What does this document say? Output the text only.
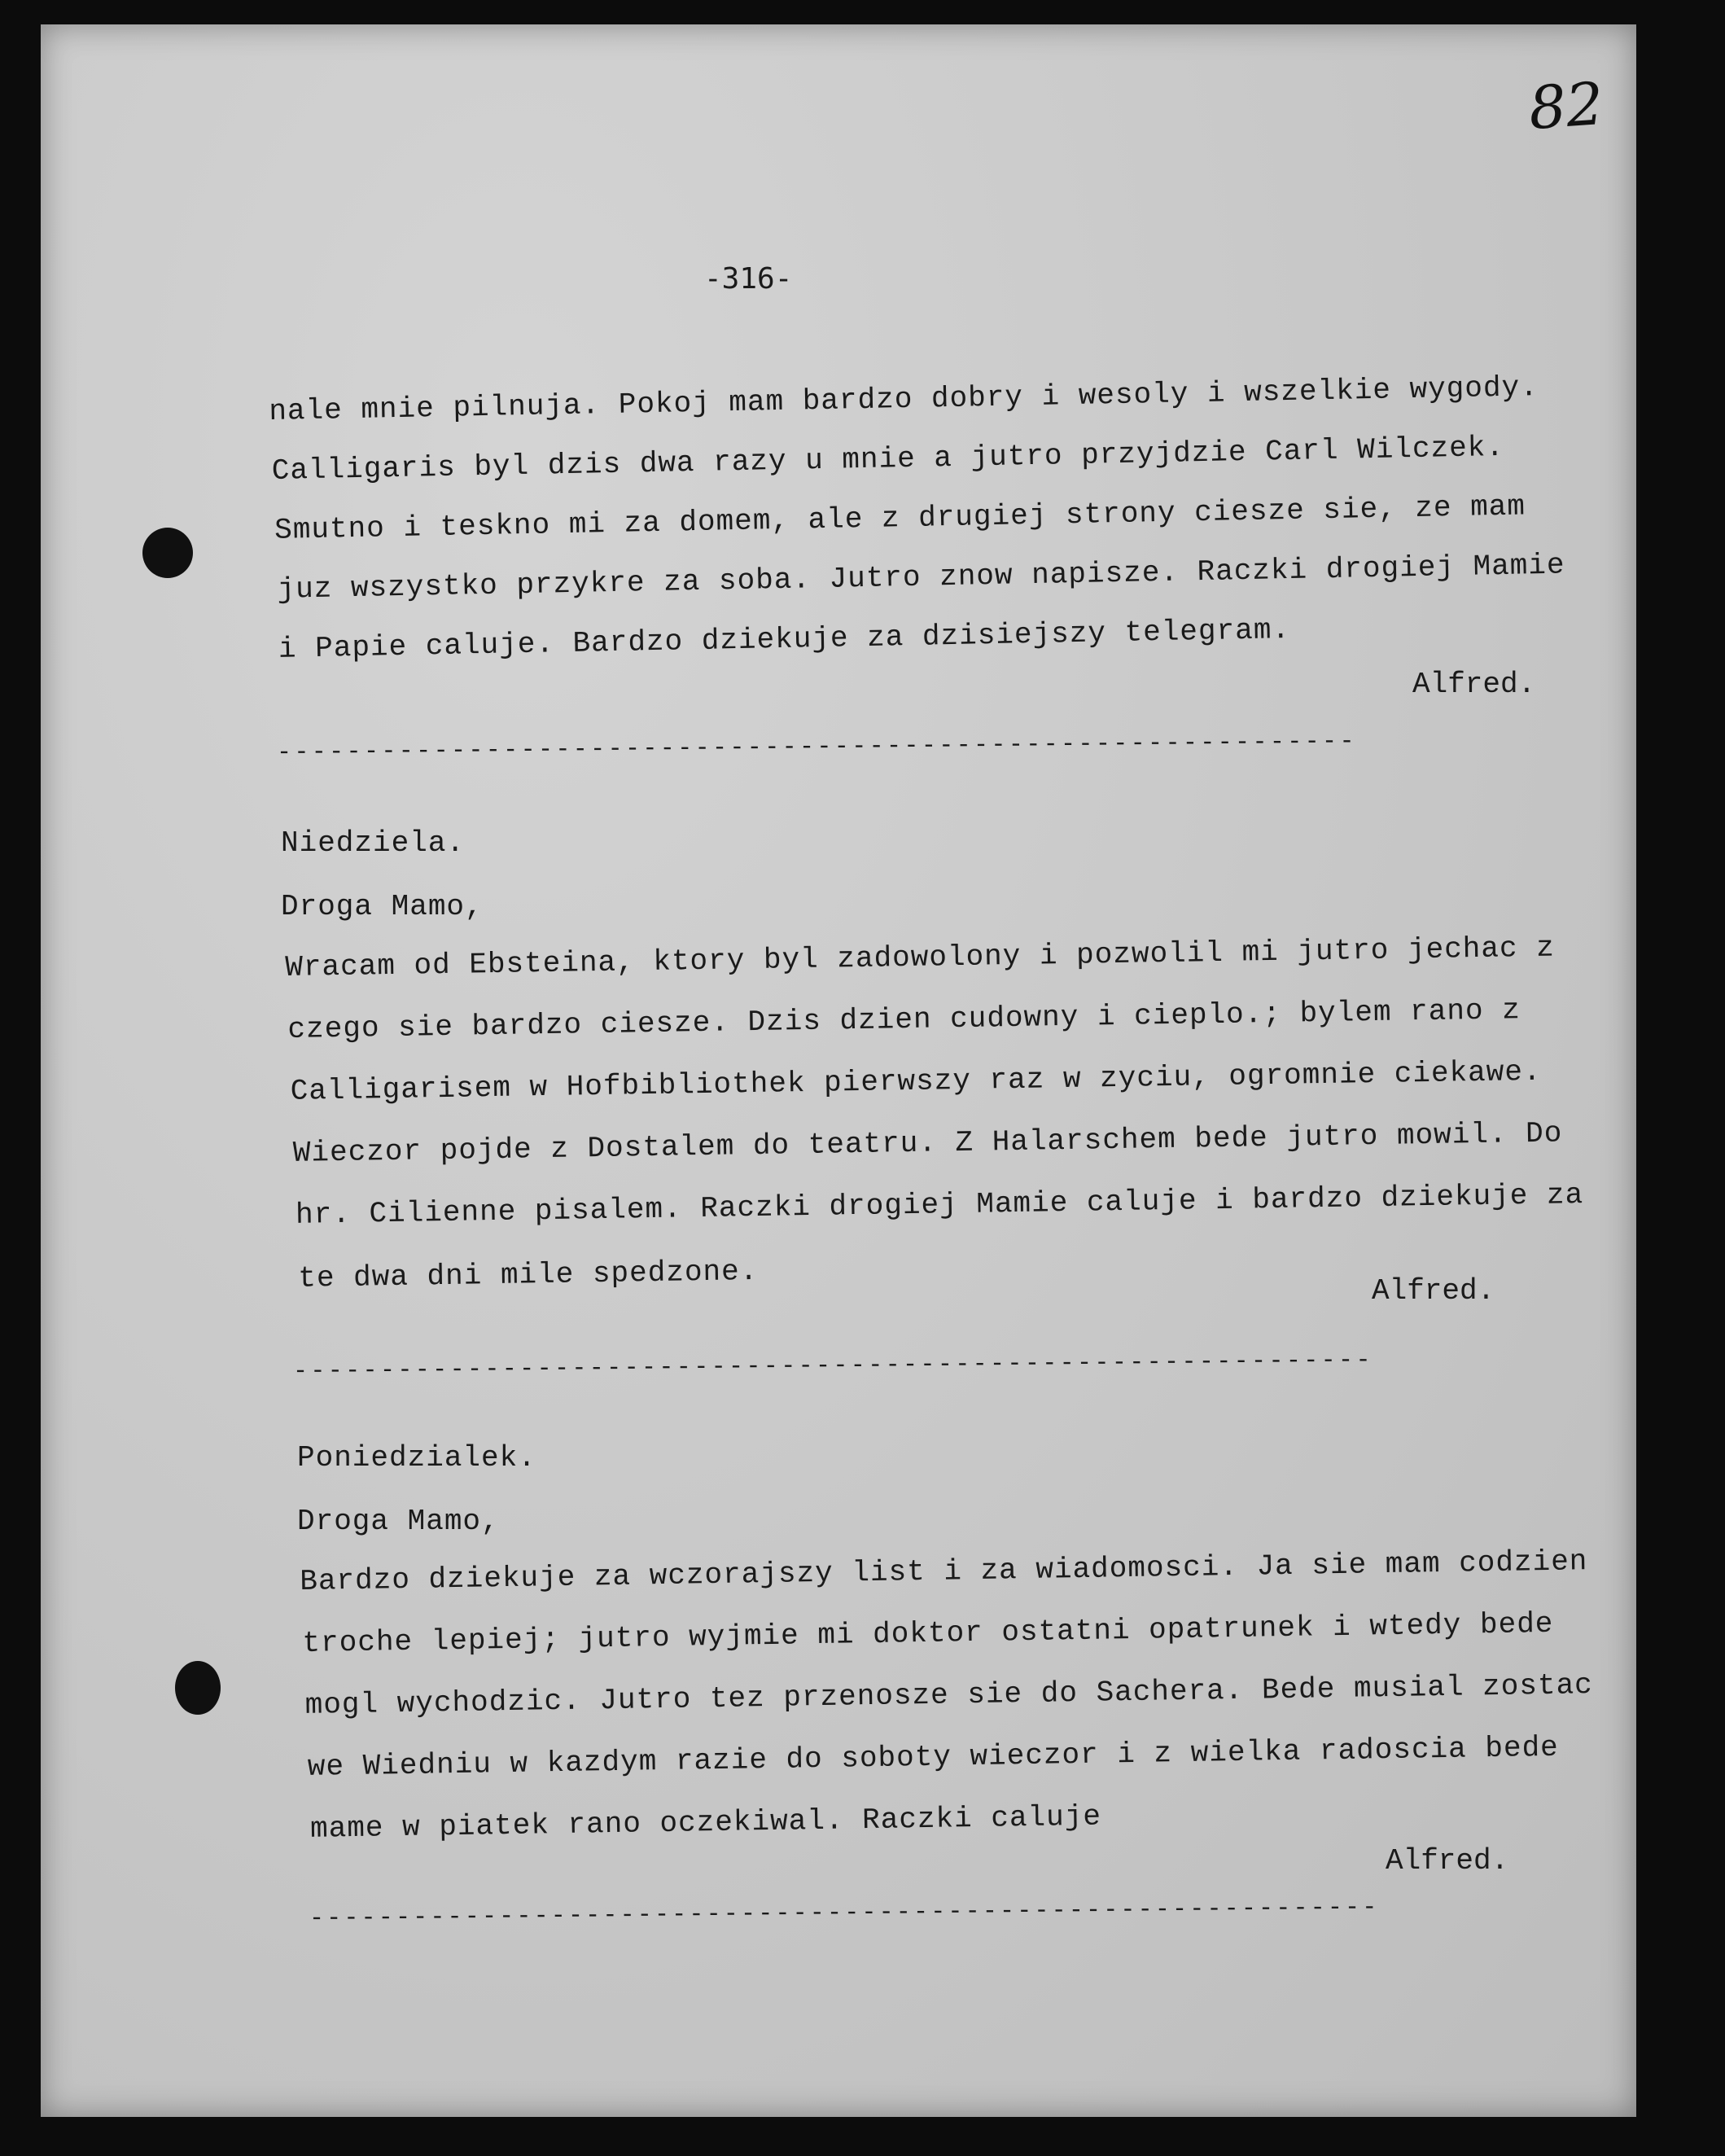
82
-316-
nale mnie pilnuja. Pokoj mam bardzo dobry i wesoly i wszelkie wygody.
Calligaris byl dzis dwa razy u mnie a jutro przyjdzie Carl Wilczek.
Smutno i teskno mi za domem, ale z drugiej strony ciesze sie, ze mam
juz wszystko przykre za soba. Jutro znow napisze. Raczki drogiej Mamie
i Papie caluje. Bardzo dziekuje za dzisiejszy telegram.
Alfred.
--------------------------------------------------------------
Niedziela.
Droga Mamo,
Wracam od Ebsteina, ktory byl zadowolony i pozwolil mi jutro jechac z
czego sie bardzo ciesze. Dzis dzien cudowny i cieplo.; bylem rano z
Calligarisem w Hofbibliothek pierwszy raz w zyciu, ogromnie ciekawe.
Wieczor pojde z Dostalem do teatru. Z Halarschem bede jutro mowil. Do
hr. Cilienne pisalem. Raczki drogiej Mamie caluje i bardzo dziekuje za
te dwa dni mile spedzone.	Alfred.
--------------------------------------------------------------
Poniedzialek.
Droga Mamo,
Bardzo dziekuje za wczorajszy list i za wiadomosci. Ja sie mam codzien
troche lepiej; jutro wyjmie mi doktor ostatni opatrunek i wtedy bede
mogl wychodzic. Jutro tez przenosze sie do Sachera. Bede musial zostac
we Wiedniu w kazdym razie do soboty wieczor i z wielka radoscia bede
mame w piatek rano oczekiwal. Raczki caluje
Alfred.
--------------------------------------------------------------
